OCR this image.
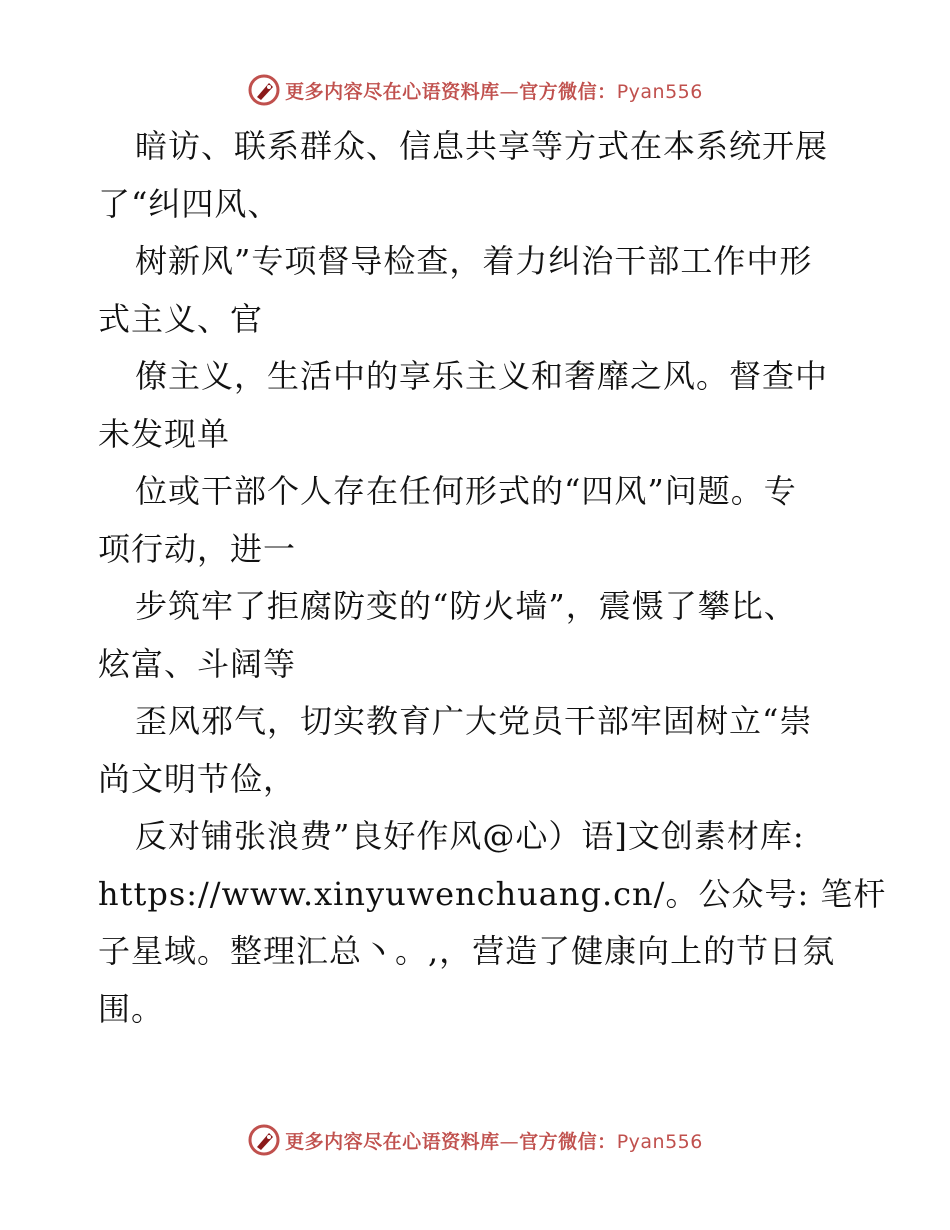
更多内容尽在心语资料库—官方微信：Pyan556
暗访、联系群众、信息共享等方式在本系统开展
了“纠四风、
树新风”专项督导检查，着力纠治干部工作中形
式主义、官
僚主义，生活中的享乐主义和奢靡之风。督查中
未发现单
位或干部个人存在任何形式的“四风”问题。专
项行动，进一
步筑牢了拒腐防变的“防火墙”，震慑了攀比、
炫富、斗阔等
歪风邪气，切实教育广大党员干部牢固树立“崇
尚文明节俭，
反对铺张浪费”良好作风@心）语]文创素材库:
https://www.xinyuwenchuang.cn/。公众号: 笔杆
子星域。整理汇总丶。,，营造了健康向上的节日氛
围。
更多内容尽在心语资料库—官方微信：Pyan556
